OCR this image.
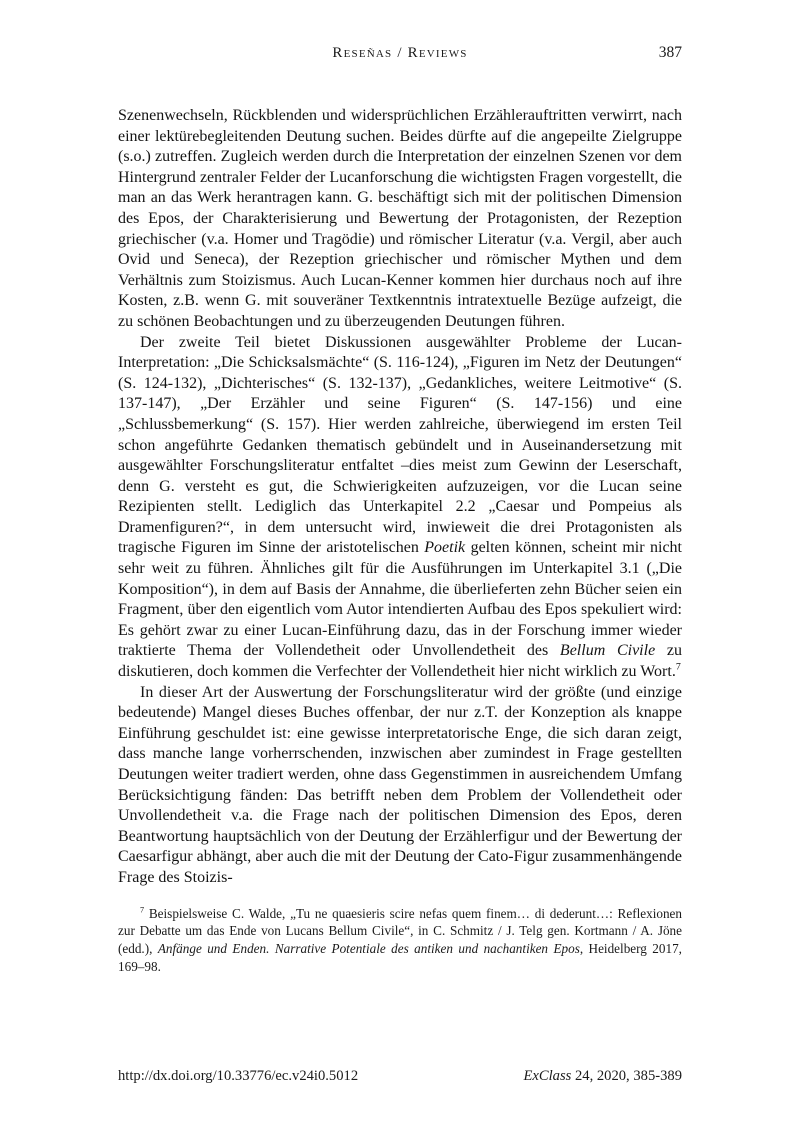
Reseñas / Reviews	387

Szenenwechseln, Rückblenden und widersprüchlichen Erzählerauftritten verwirrt, nach einer lektürebegleitenden Deutung suchen. Beides dürfte auf die angepeilte Zielgruppe (s.o.) zutreffen. Zugleich werden durch die Interpretation der einzelnen Szenen vor dem Hintergrund zentraler Felder der Lucanforschung die wichtigsten Fragen vorgestellt, die man an das Werk herantragen kann. G. beschäftigt sich mit der politischen Dimension des Epos, der Charakterisierung und Bewertung der Protagonisten, der Rezeption griechischer (v.a. Homer und Tragödie) und römischer Literatur (v.a. Vergil, aber auch Ovid und Seneca), der Rezeption griechischer und römischer Mythen und dem Verhältnis zum Stoizismus. Auch Lucan-Kenner kommen hier durchaus noch auf ihre Kosten, z.B. wenn G. mit souveräner Textkenntnis intratextuelle Bezüge aufzeigt, die zu schönen Beobachtungen und zu überzeugenden Deutungen führen.

Der zweite Teil bietet Diskussionen ausgewählter Probleme der Lucan-Interpretation: „Die Schicksalsmächte“ (S. 116-124), „Figuren im Netz der Deutungen“ (S. 124-132), „Dichterisches“ (S. 132-137), „Gedankliches, weitere Leitmotive“ (S. 137-147), „Der Erzähler und seine Figuren“ (S. 147-156) und eine „Schlussbemerkung“ (S. 157). Hier werden zahlreiche, überwiegend im ersten Teil schon angeführte Gedanken thematisch gebündelt und in Auseinandersetzung mit ausgewählter Forschungsliteratur entfaltet –dies meist zum Gewinn der Leserschaft, denn G. versteht es gut, die Schwierigkeiten aufzuzeigen, vor die Lucan seine Rezipienten stellt. Lediglich das Unterkapitel 2.2 „Caesar und Pompeius als Dramenfiguren?“, in dem untersucht wird, inwieweit die drei Protagonisten als tragische Figuren im Sinne der aristotelischen Poetik gelten können, scheint mir nicht sehr weit zu führen. Ähnliches gilt für die Ausführungen im Unterkapitel 3.1 („Die Komposition“), in dem auf Basis der Annahme, die überlieferten zehn Bücher seien ein Fragment, über den eigentlich vom Autor intendierten Aufbau des Epos spekuliert wird: Es gehört zwar zu einer Lucan-Einführung dazu, das in der Forschung immer wieder traktierte Thema der Vollendetheit oder Unvollendetheit des Bellum Civile zu diskutieren, doch kommen die Verfechter der Vollendetheit hier nicht wirklich zu Wort.$^7$

In dieser Art der Auswertung der Forschungsliteratur wird der größte (und einzige bedeutende) Mangel dieses Buches offenbar, der nur z.T. der Konzeption als knappe Einführung geschuldet ist: eine gewisse interpretatorische Enge, die sich daran zeigt, dass manche lange vorherrschenden, inzwischen aber zumindest in Frage gestellten Deutungen weiter tradiert werden, ohne dass Gegenstimmen in ausreichendem Umfang Berücksichtigung fänden: Das betrifft neben dem Problem der Vollendetheit oder Unvollendetheit v.a. die Frage nach der politischen Dimension des Epos, deren Beantwortung hauptsächlich von der Deutung der Erzählerfigur und der Bewertung der Caesarfigur abhängt, aber auch die mit der Deutung der Cato-Figur zusammenhängende Frage des Stoizis-

$^7$ Beispielsweise C. Walde, „Tu ne quaesieris scire nefas quem finem… di dederunt…: Reflexionen zur Debatte um das Ende von Lucans Bellum Civile“, in C. Schmitz / J. Telg gen. Kortmann / A. Jöne (edd.), Anfänge und Enden. Narrative Potentiale des antiken und nachantiken Epos, Heidelberg 2017, 169–98.
http://dx.doi.org/10.33776/ec.v24i0.5012	ExClass 24, 2020, 385-389
